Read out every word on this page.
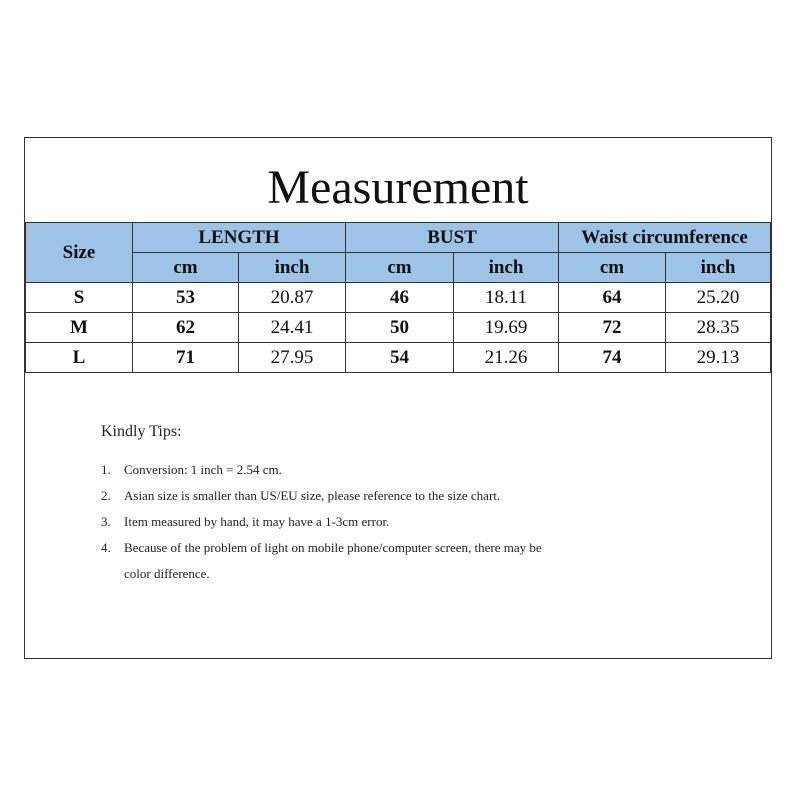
Measurement
Size	LENGTH		BUST		Waist circumference	
	cm	inch	cm	inch	cm	inch
S	53	20.87	46	18.11	64	25.20
M	62	24.41	50	19.69	72	28.35
L	71	27.95	54	21.26	74	29.13
Kindly Tips:
1.	Conversion: 1 inch = 2.54 cm.
2.	Asian size is smaller than US/EU size, please reference to the size chart.
3.	Item measured by hand, it may have a 1-3cm error.
4.	Because of the problem of light on mobile phone/computer screen, there may be
color difference.
